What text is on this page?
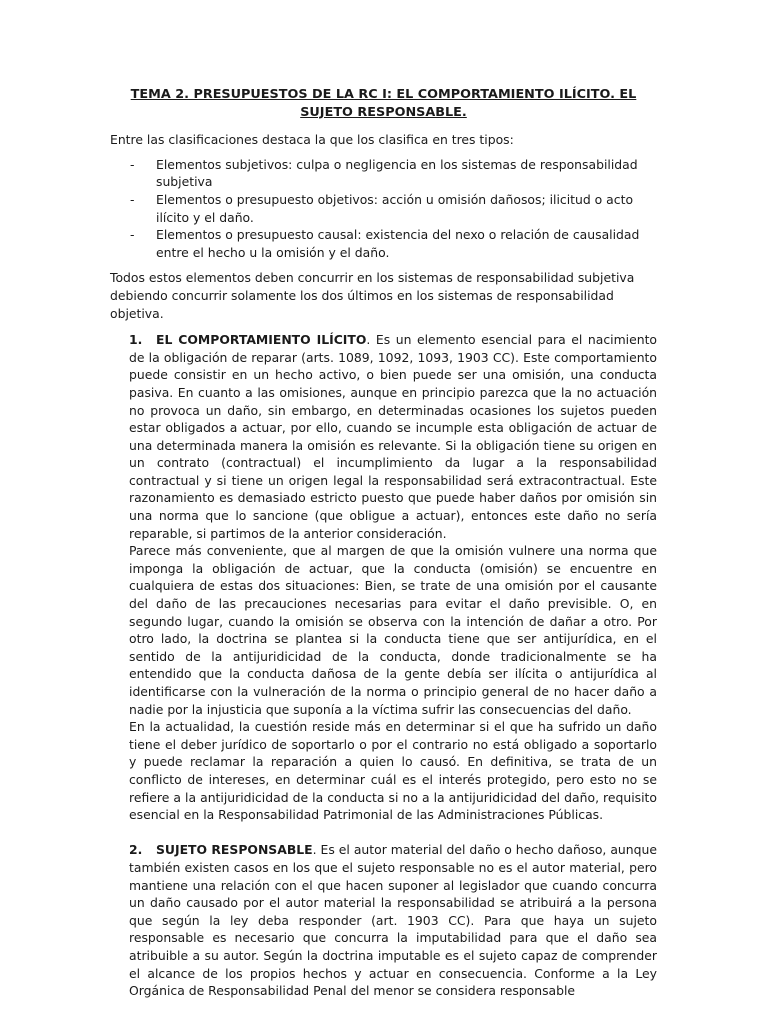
TEMA 2. PRESUPUESTOS DE LA RC I: EL COMPORTAMIENTO ILÍCITO. EL SUJETO RESPONSABLE.
Entre las clasificaciones destaca la que los clasifica en tres tipos:
- Elementos subjetivos: culpa o negligencia en los sistemas de responsabilidad subjetiva
- Elementos o presupuesto objetivos: acción u omisión dañosos; ilicitud o acto ilícito y el daño.
- Elementos o presupuesto causal: existencia del nexo o relación de causalidad entre el hecho u la omisión y el daño.
Todos estos elementos deben concurrir en los sistemas de responsabilidad subjetiva debiendo concurrir solamente los dos últimos en los sistemas de responsabilidad objetiva.
1. EL COMPORTAMIENTO ILÍCITO. Es un elemento esencial para el nacimiento de la obligación de reparar (arts. 1089, 1092, 1093, 1903 CC). Este comportamiento puede consistir en un hecho activo, o bien puede ser una omisión, una conducta pasiva. En cuanto a las omisiones, aunque en principio parezca que la no actuación no provoca un daño, sin embargo, en determinadas ocasiones los sujetos pueden estar obligados a actuar, por ello, cuando se incumple esta obligación de actuar de una determinada manera la omisión es relevante. Si la obligación tiene su origen en un contrato (contractual) el incumplimiento da lugar a la responsabilidad contractual y si tiene un origen legal la responsabilidad será extracontractual. Este razonamiento es demasiado estricto puesto que puede haber daños por omisión sin una norma que lo sancione (que obligue a actuar), entonces este daño no sería reparable, si partimos de la anterior consideración.
Parece más conveniente, que al margen de que la omisión vulnere una norma que imponga la obligación de actuar, que la conducta (omisión) se encuentre en cualquiera de estas dos situaciones: Bien, se trate de una omisión por el causante del daño de las precauciones necesarias para evitar el daño previsible. O, en segundo lugar, cuando la omisión se observa con la intención de dañar a otro. Por otro lado, la doctrina se plantea si la conducta tiene que ser antijurídica, en el sentido de la antijuridicidad de la conducta, donde tradicionalmente se ha entendido que la conducta dañosa de la gente debía ser ilícita o antijurídica al identificarse con la vulneración de la norma o principio general de no hacer daño a nadie por la injusticia que suponía a la víctima sufrir las consecuencias del daño.
En la actualidad, la cuestión reside más en determinar si el que ha sufrido un daño tiene el deber jurídico de soportarlo o por el contrario no está obligado a soportarlo y puede reclamar la reparación a quien lo causó. En definitiva, se trata de un conflicto de intereses, en determinar cuál es el interés protegido, pero esto no se refiere a la antijuridicidad de la conducta si no a la antijuridicidad del daño, requisito esencial en la Responsabilidad Patrimonial de las Administraciones Públicas.
2. SUJETO RESPONSABLE. Es el autor material del daño o hecho dañoso, aunque también existen casos en los que el sujeto responsable no es el autor material, pero mantiene una relación con el que hacen suponer al legislador que cuando concurra un daño causado por el autor material la responsabilidad se atribuirá a la persona que según la ley deba responder (art. 1903 CC). Para que haya un sujeto responsable es necesario que concurra la imputabilidad para que el daño sea atribuible a su autor. Según la doctrina imputable es el sujeto capaz de comprender el alcance de los propios hechos y actuar en consecuencia. Conforme a la Ley Orgánica de Responsabilidad Penal del menor se considera responsable
